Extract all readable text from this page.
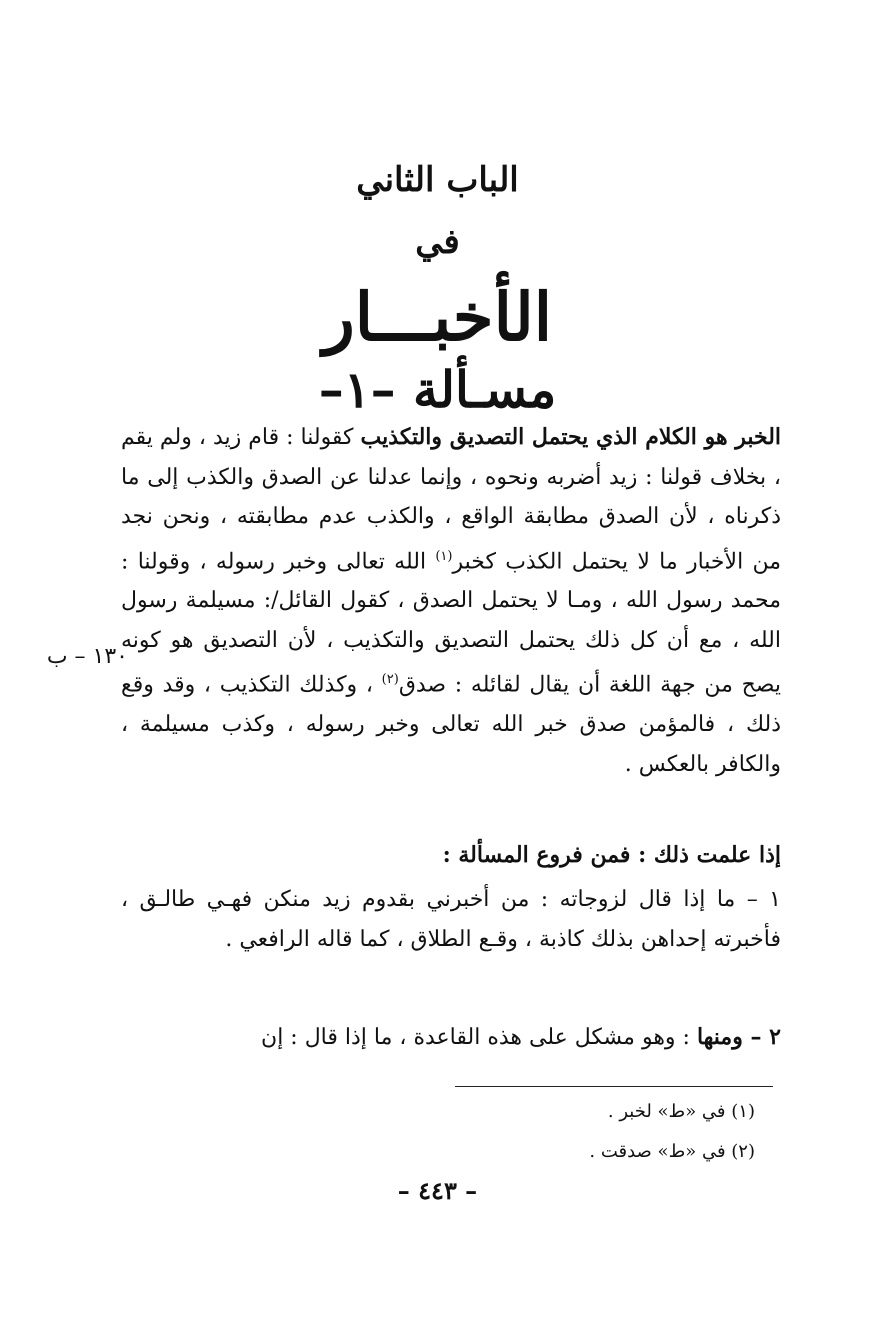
الباب الثاني
في
الأخبـــار
مسـألة –١–
الخبر هو الكلام الذي يحتمل التصديق والتكذيب كقولنا : قام زيد ، ولم يقم ، بخلاف قولنا : زيد أضربه ونحوه ، وإنما عدلنا عن الصدق والكذب إلى ما ذكرناه ، لأن الصدق مطابقة الواقع ، والكذب عدم مطابقته ، ونحن نجد من الأخبار ما لا يحتمل الكذب كخبر$^{(١)}$ الله تعالى وخبر رسوله ، وقولنا : محمد رسول الله ، ومـا لا يحتمل الصدق ، كقول القائل/: مسيلمة رسول الله ، مع أن كل ذلك يحتمل التصديق والتكذيب ، لأن التصديق هو كونه يصح من جهة اللغة أن يقال لقائله : صدق$^{(٢)}$ ، وكذلك التكذيب ، وقد وقع ذلك ، فالمؤمن صدق خبر الله تعالى وخبر رسوله ، وكذب مسيلمة ، والكافر بالعكس .
١٣٠ – ب
إذا علمت ذلك : فمن فروع المسألة :
١ – ما إذا قال لزوجاته : من أخبرني بقدوم زيد منكن فهـي طالـق ، فأخبرته إحداهن بذلك كاذبة ، وقـع الطلاق ، كما قاله الرافعي .
٢ – ومنها : وهو مشكل على هذه القاعدة ، ما إذا قال : إن
(١) في «ط» لخبر .
(٢) في «ط» صدقت .
– ٤٤٣ –
